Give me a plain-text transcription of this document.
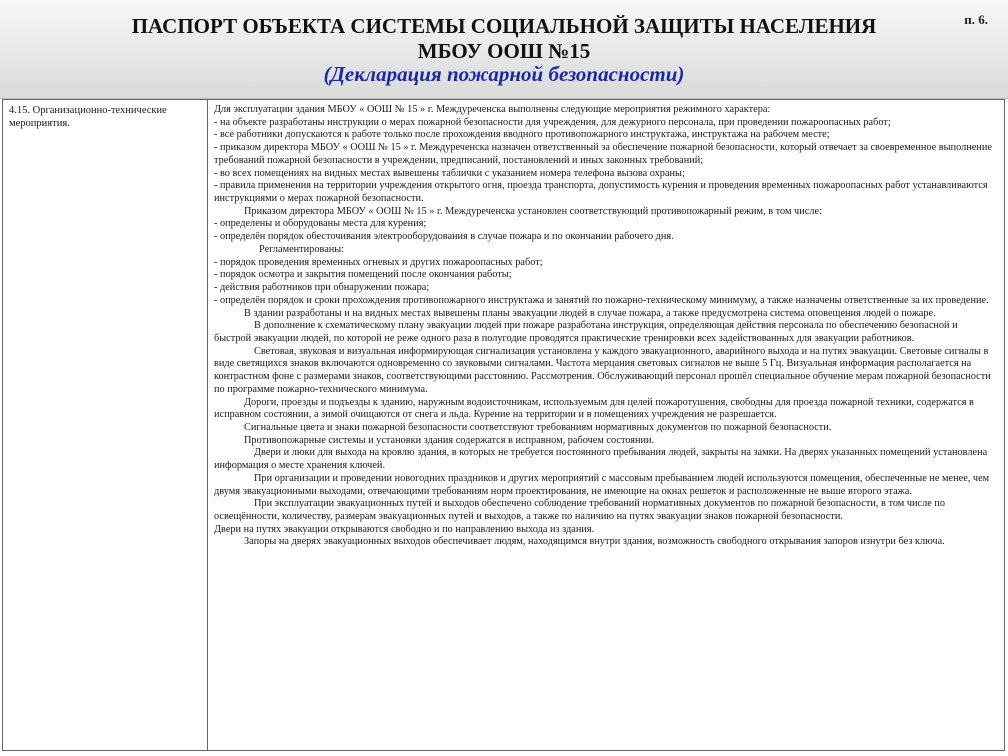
ПАСПОРТ ОБЪЕКТА СИСТЕМЫ СОЦИАЛЬНОЙ ЗАЩИТЫ НАСЕЛЕНИЯ
МБОУ ООШ №15
(Декларация пожарной безопасности)
п. 6.
4.15. Организационно-технические мероприятия.

Для эксплуатации здания МБОУ « ООШ № 15 » г. Междуреченска выполнены следующие мероприятия режимного характера:

- на объекте разработаны инструкции о мерах пожарной безопасности для учреждения, для дежурного персонала, при проведении пожароопасных работ;

- все работники допускаются к работе только после прохождения вводного противопожарного инструктажа, инструктажа на рабочем месте;

- приказом директора МБОУ « ООШ № 15 » г. Междуреченска назначен ответственный за обеспечение пожарной безопасности, который отвечает за своевременное выполнение требований пожарной безопасности в учреждении, предписаний, постановлений и иных законных требований;

- во всех помещениях на видных местах вывешены таблички с указанием номера телефона вызова охраны;

- правила применения на территории учреждения открытого огня, проезда транспорта, допустимость курения и проведения временных пожароопасных работ устанавливаются инструкциями о мерах пожарной безопасности.

Приказом директора МБОУ « ООШ № 15 » г. Междуреченска установлен соответствующий противопожарный режим, в том числе:

- определены и оборудованы места для курения;

- определён порядок обесточивания электрооборудования в случае пожара и по окончании рабочего дня.

Регламентированы:

- порядок проведения временных огневых и других пожароопасных работ;

- порядок осмотра и закрытия помещений после окончания работы;

- действия работников при обнаружении пожара;

- определён порядок и сроки прохождения противопожарного инструктажа и занятий по пожарно-техническому минимуму, а также назначены ответственные за их проведение.

В здании разработаны и на видных местах вывешены планы эвакуации людей в случае пожара, а также предусмотрена система оповещения людей о пожаре.

В дополнение к схематическому плану эвакуации людей при пожаре разработана инструкция, определяющая действия персонала по обеспечению безопасной и быстрой эвакуации людей, по которой не реже одного раза в полугодие проводятся практические тренировки всех задействованных для эвакуации работников.

Световая, звуковая и визуальная информирующая сигнализация установлена у каждого эвакуационного, аварийного выхода и на путях эвакуации. Световые сигналы в виде светящихся знаков включаются одновременно со звуковыми сигналами. Частота мерцания световых сигналов не выше 5 Гц. Визуальная информация располагается на контрастном фоне с размерами знаков, соответствующими расстоянию. Рассмотрения. Обслуживающий персонал прошёл специальное обучение мерам пожарной безопасности по программе пожарно-технического минимума.

Дороги, проезды и подъезды к зданию, наружным водоисточникам, используемым для целей пожаротушения, свободны для проезда пожарной техники, содержатся в исправном состоянии, а зимой очищаются от снега и льда. Курение на территории и в помещениях учреждения не разрешается.

Сигнальные цвета и знаки пожарной безопасности соответствуют требованиям нормативных документов по пожарной безопасности.

Противопожарные системы и установки здания содержатся в исправном, рабочем состоянии.

Двери и люки для выхода на кровлю здания, в которых не требуется постоянного пребывания людей, закрыты на замки. На дверях указанных помещений установлена информация о месте хранения ключей.

При организации и проведении новогодних праздников и других мероприятий с массовым пребыванием людей используются помещения, обеспеченные не менее, чем двумя эвакуационными выходами, отвечающими требованиям норм проектирования, не имеющие на окнах решеток и расположенные не выше второго этажа.

При эксплуатации эвакуационных путей и выходов обеспечено соблюдение требований нормативных документов по пожарной безопасности, в том числе по освещённости, количеству, размерам эвакуационных путей и выходов, а также по наличию на путях эвакуации знаков пожарной безопасности.

Двери на путях эвакуации открываются свободно и по направлению выхода из здания.

Запоры на дверях эвакуационных выходов обеспечивает людям, находящимся внутри здания, возможность свободного открывания запоров изнутри без ключа.
